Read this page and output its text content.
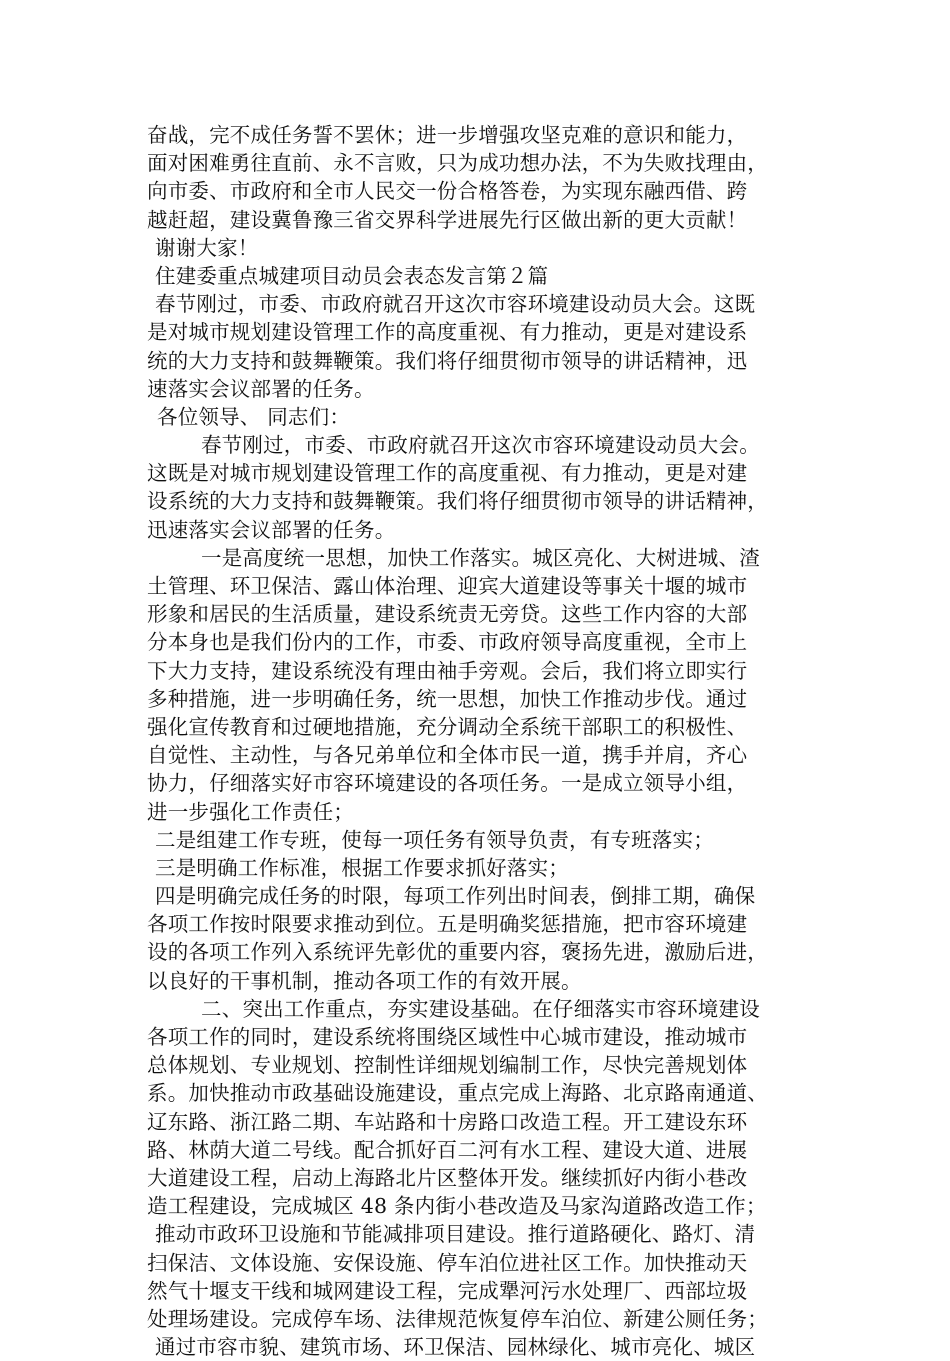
奋战，完不成任务誓不罢休；进一步增强攻坚克难的意识和能力，
面对困难勇往直前、永不言败，只为成功想办法，不为失败找理由，
向市委、市政府和全市人民交一份合格答卷，为实现东融西借、跨
越赶超，建设冀鲁豫三省交界科学进展先行区做出新的更大贡献！
谢谢大家！
住建委重点城建项目动员会表态发言第２篇
春节刚过，市委、市政府就召开这次市容环境建设动员大会。这既
是对城市规划建设管理工作的高度重视、有力推动，更是对建设系
统的大力支持和鼓舞鞭策。我们将仔细贯彻市领导的讲话精神，迅
速落实会议部署的任务。
各位领导、 同志们：
春节刚过，市委、市政府就召开这次市容环境建设动员大会。
这既是对城市规划建设管理工作的高度重视、有力推动，更是对建
设系统的大力支持和鼓舞鞭策。我们将仔细贯彻市领导的讲话精神，
迅速落实会议部署的任务。
一是高度统一思想，加快工作落实。城区亮化、大树进城、渣
土管理、环卫保洁、露山体治理、迎宾大道建设等事关十堰的城市
形象和居民的生活质量，建设系统责无旁贷。这些工作内容的大部
分本身也是我们份内的工作，市委、市政府领导高度重视，全市上
下大力支持，建设系统没有理由袖手旁观。会后，我们将立即实行
多种措施，进一步明确任务，统一思想，加快工作推动步伐。通过
强化宣传教育和过硬地措施，充分调动全系统干部职工的积极性、
自觉性、主动性，与各兄弟单位和全体市民一道，携手并肩，齐心
协力，仔细落实好市容环境建设的各项任务。一是成立领导小组，
进一步强化工作责任；
二是组建工作专班，使每一项任务有领导负责，有专班落实；
三是明确工作标准，根据工作要求抓好落实；
四是明确完成任务的时限，每项工作列出时间表，倒排工期，确保
各项工作按时限要求推动到位。五是明确奖惩措施，把市容环境建
设的各项工作列入系统评先彰优的重要内容，褒扬先进，激励后进，
以良好的干事机制，推动各项工作的有效开展。
二、突出工作重点，夯实建设基础。在仔细落实市容环境建设
各项工作的同时，建设系统将围绕区域性中心城市建设，推动城市
总体规划、专业规划、控制性详细规划编制工作，尽快完善规划体
系。加快推动市政基础设施建设，重点完成上海路、北京路南通道、
辽东路、浙江路二期、车站路和十房路口改造工程。开工建设东环
路、林荫大道二号线。配合抓好百二河有水工程、建设大道、进展
大道建设工程，启动上海路北片区整体开发。继续抓好内街小巷改
造工程建设，完成城区 48 条内街小巷改造及马家沟道路改造工作；
推动市政环卫设施和节能减排项目建设。推行道路硬化、路灯、清
扫保洁、文体设施、安保设施、停车泊位进社区工作。加快推动天
然气十堰支干线和城网建设工程，完成犟河污水处理厂、西部垃圾
处理场建设。完成停车场、法律规范恢复停车泊位、新建公厕任务；
通过市容市貌、建筑市场、环卫保洁、园林绿化、城市亮化、城区
